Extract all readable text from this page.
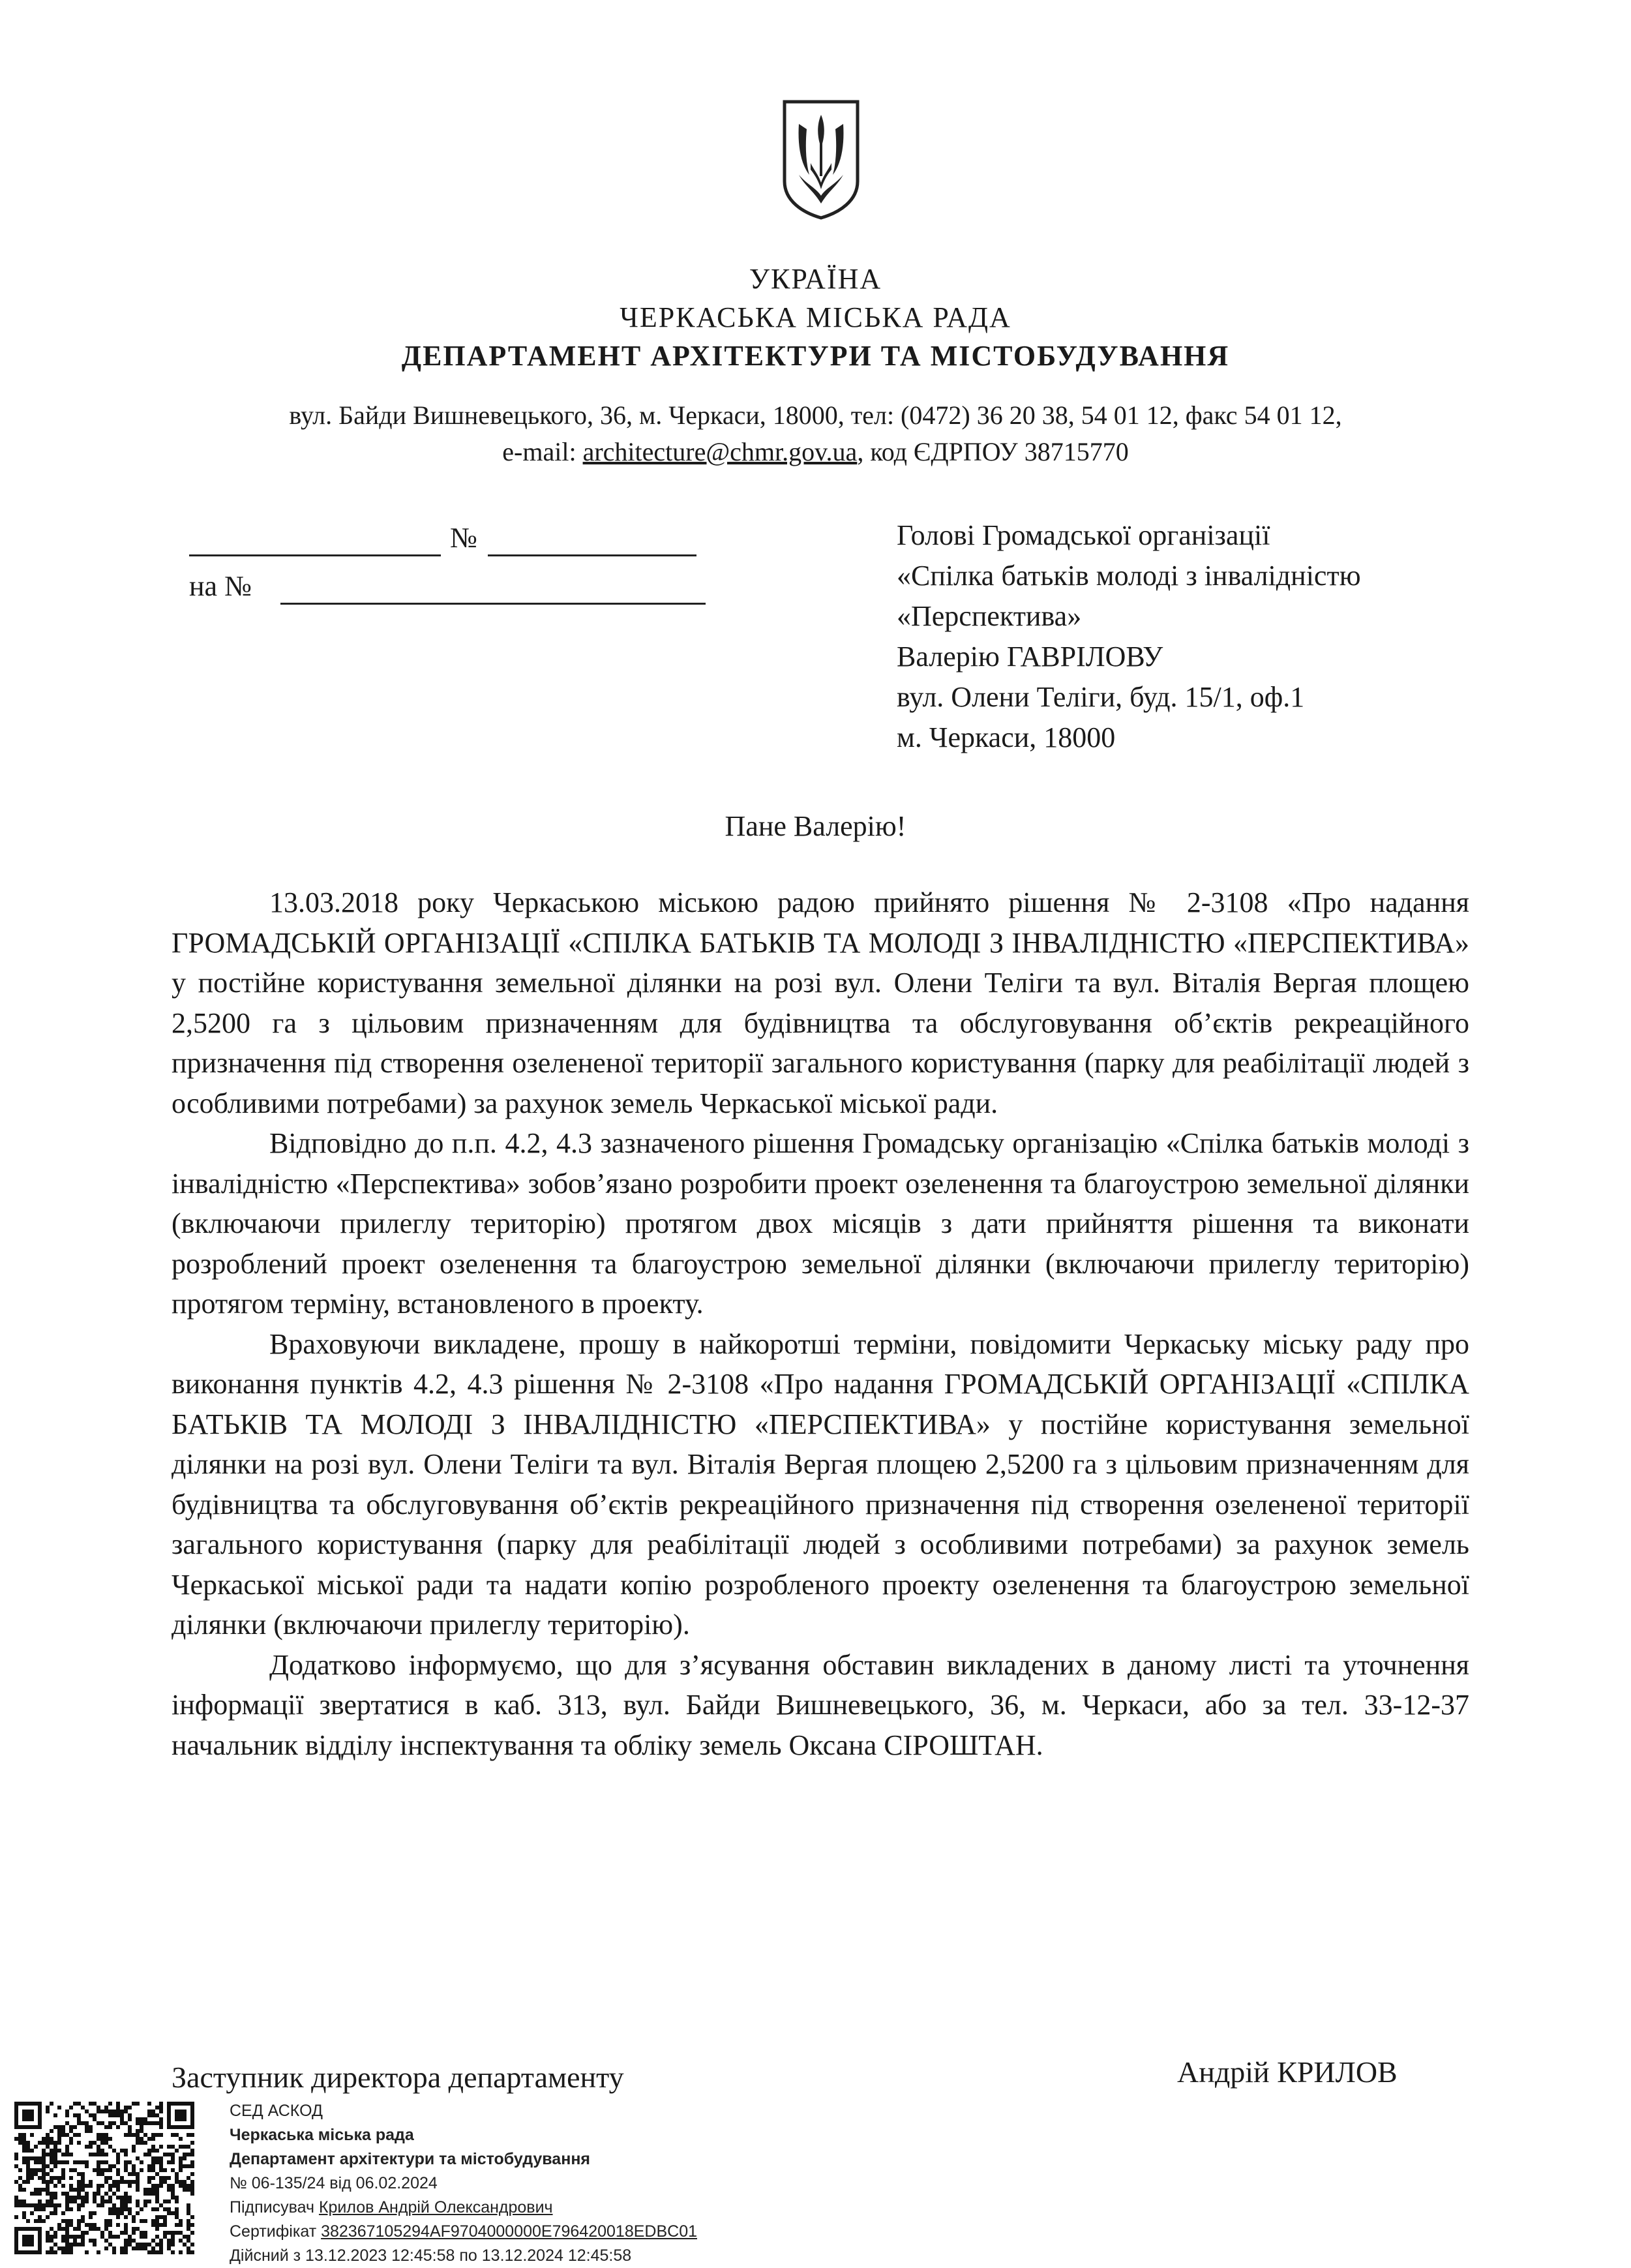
УКРАЇНА
ЧЕРКАСЬКА МІСЬКА РАДА
ДЕПАРТАМЕНТ АРХІТЕКТУРИ ТА МІСТОБУДУВАННЯ
вул. Байди Вишневецького, 36, м. Черкаси, 18000, тел: (0472) 36 20 38, 54 01 12, факс 54 01 12,
e-mail: architecture@chmr.gov.ua, код ЄДРПОУ 38715770
№
на №
Голові Громадської організації
«Спілка батьків молоді з інвалідністю
«Перспектива»
Валерію ГАВРІЛОВУ
вул. Олени Теліги, буд. 15/1, оф.1
м. Черкаси, 18000
Пане Валерію!

13.03.2018 року Черкаською міською радою прийнято рішення № 2-3108 «Про надання ГРОМАДСЬКІЙ ОРГАНІЗАЦІЇ «СПІЛКА БАТЬКІВ ТА МОЛОДІ З ІНВАЛІДНІСТЮ «ПЕРСПЕКТИВА» у постійне користування земельної ділянки на розі вул. Олени Теліги та вул. Віталія Вергая площею 2,5200 га з цільовим призначенням для будівництва та обслуговування об’єктів рекреаційного призначення під створення озелененої території загального користування (парку для реабілітації людей з особливими потребами) за рахунок земель Черкаської міської ради.

Відповідно до п.п. 4.2, 4.3 зазначеного рішення Громадську організацію «Спілка батьків молоді з інвалідністю «Перспектива» зобов’язано розробити проект озеленення та благоустрою земельної ділянки (включаючи прилеглу територію) протягом двох місяців з дати прийняття рішення та виконати розроблений проект озеленення та благоустрою земельної ділянки (включаючи прилеглу територію) протягом терміну, встановленого в проекту.

Враховуючи викладене, прошу в найкоротші терміни, повідомити Черкаську міську раду про виконання пунктів 4.2, 4.3 рішення № 2-3108 «Про надання ГРОМАДСЬКІЙ ОРГАНІЗАЦІЇ «СПІЛКА БАТЬКІВ ТА МОЛОДІ З ІНВАЛІДНІСТЮ «ПЕРСПЕКТИВА» у постійне користування земельної ділянки на розі вул. Олени Теліги та вул. Віталія Вергая площею 2,5200 га з цільовим призначенням для будівництва та обслуговування об’єктів рекреаційного призначення під створення озелененої території загального користування (парку для реабілітації людей з особливими потребами) за рахунок земель Черкаської міської ради та надати копію розробленого проекту озеленення та благоустрою земельної ділянки (включаючи прилеглу територію).

Додатково інформуємо, що для з’ясування обставин викладених в даному листі та уточнення інформації звертатися в каб. 313, вул. Байди Вишневецького, 36, м. Черкаси, або за тел. 33-12-37 начальник відділу інспектування та обліку земель Оксана СІРОШТАН.

Заступник директора департаменту	Андрій КРИЛОВ
СЕД АСКОД
Черкаська міська рада
Департамент архітектури та містобудування
№ 06-135/24 від 06.02.2024
Підписувач Крилов Андрій Олександрович
Сертифікат 382367105294AF9704000000E796420018EDBC01
Дійсний з 13.12.2023 12:45:58 по 13.12.2024 12:45:58
